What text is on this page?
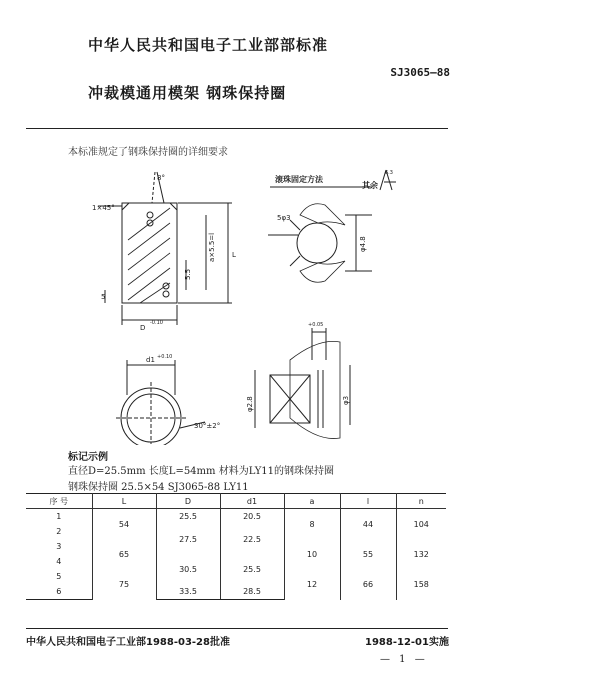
中华人民共和国电子工业部部标准
SJ3065—88
冲裁模通用模架 钢珠保持圈
本标准规定了钢珠保持圈的详细要求
1×45°
8°
a×5.5=l L
5.5
5
D
-0.10
5φ3
d1 +0.10
30°±2°
φ4.8
φ2.8	φ3
+0.05
滚珠固定方法
其余
6.3
标记示例
直径D=25.5mm 长度L=54mm 材料为LY11的钢珠保持圈
钢珠保持圈 25.5×54 SJ3065-88 LY11
序 号	L	D	d1	a	l	n
1	54	25.5	20.5	8	44	104
2		27.5	22.5			
3	65			10	55	132
4		30.5	25.5			
5	75			12	66	158
6		33.5	28.5			
中华人民共和国电子工业部1988-03-28批准	1988-12-01实施
— 1 —
